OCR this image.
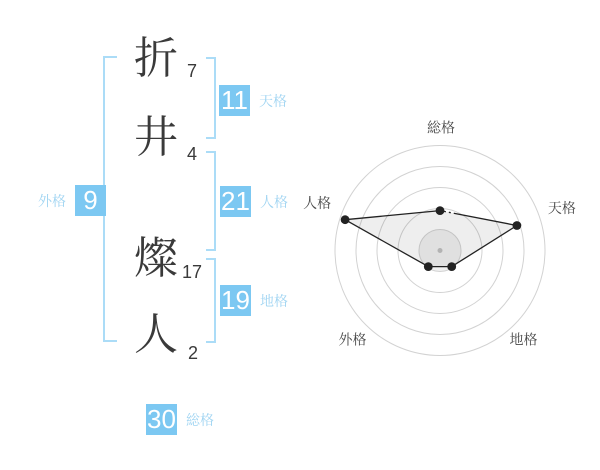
折
井
燦
人
7
4
17
2
11 天格
21 人格
19 地格
外格 9
30 総格
総格
天格
地格
外格
人格
